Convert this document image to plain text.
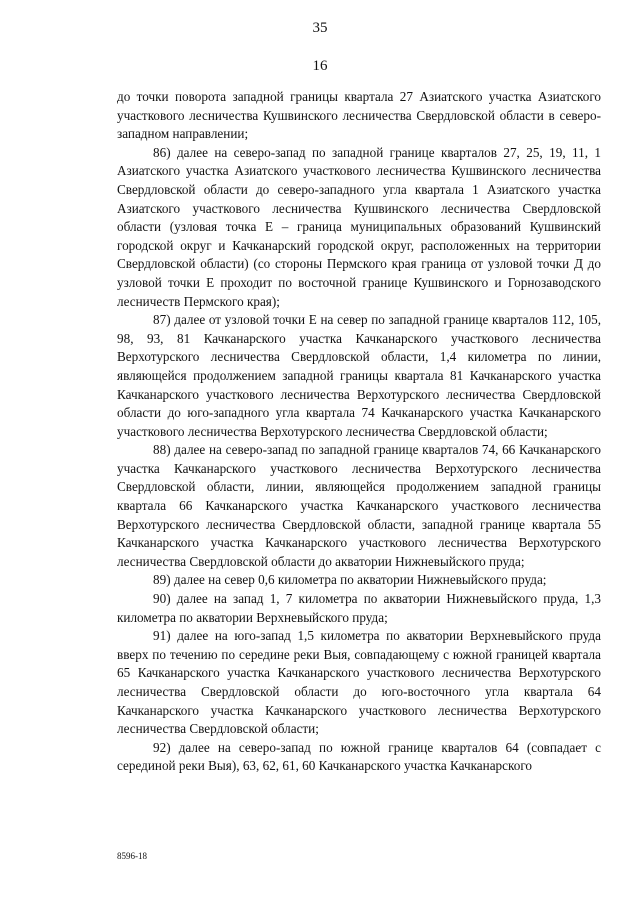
35
16

до точки поворота западной границы квартала 27 Азиатского участка Азиатского участкового лесничества Кушвинского лесничества Свердловской области в северо-западном направлении;

86) далее на северо-запад по западной границе кварталов 27, 25, 19, 11, 1 Азиатского участка Азиатского участкового лесничества Кушвинского лесничества Свердловской области до северо-западного угла квартала 1 Азиатского участка Азиатского участкового лесничества Кушвинского лесничества Свердловской области (узловая точка Е – граница муниципальных образований Кушвинский городской округ и Качканарский городской округ, расположенных на территории Свердловской области) (со стороны Пермского края граница от узловой точки Д до узловой точки Е проходит по восточной границе Кушвинского и Горнозаводского лесничеств Пермского края);

87) далее от узловой точки Е на север по западной границе кварталов 112, 105, 98, 93, 81 Качканарского участка Качканарского участкового лесничества Верхотурского лесничества Свердловской области, 1,4 километра по линии, являющейся продолжением западной границы квартала 81 Качканарского участка Качканарского участкового лесничества Верхотурского лесничества Свердловской области до юго-западного угла квартала 74 Качканарского участка Качканарского участкового лесничества Верхотурского лесничества Свердловской области;

88) далее на северо-запад по западной границе кварталов 74, 66 Качканарского участка Качканарского участкового лесничества Верхотурского лесничества Свердловской области, линии, являющейся продолжением западной границы квартала 66 Качканарского участка Качканарского участкового лесничества Верхотурского лесничества Свердловской области, западной границе квартала 55 Качканарского участка Качканарского участкового лесничества Верхотурского лесничества Свердловской области до акватории Нижневыйского пруда;

89) далее на север 0,6 километра по акватории Нижневыйского пруда;

90) далее на запад 1, 7 километра по акватории Нижневыйского пруда, 1,3 километра по акватории Верхневыйского пруда;

91) далее на юго-запад 1,5 километра по акватории Верхневыйского пруда вверх по течению по середине реки Выя, совпадающему с южной границей квартала 65 Качканарского участка Качканарского участкового лесничества Верхотурского лесничества Свердловской области до юго-восточного угла квартала 64 Качканарского участка Качканарского участкового лесничества Верхотурского лесничества Свердловской области;

92) далее на северо-запад по южной границе кварталов 64 (совпадает с серединой реки Выя), 63, 62, 61, 60 Качканарского участка Качканарского

8596-18
